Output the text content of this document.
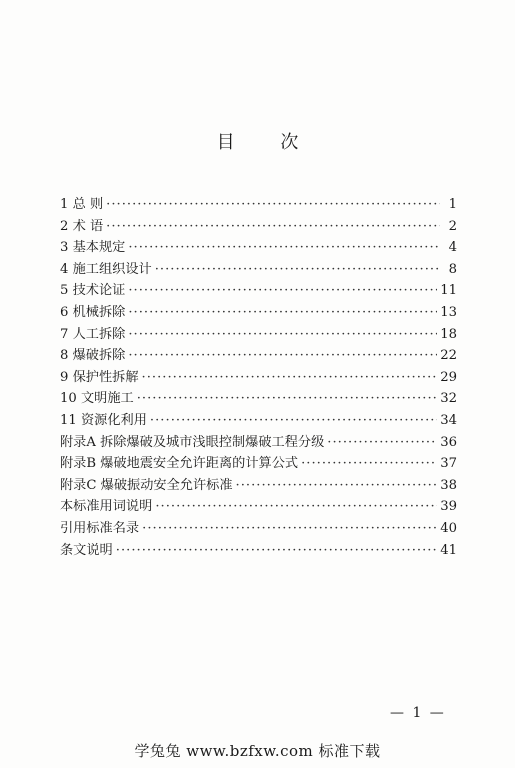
目 次
1 总 则 ·····	1
2 术 语 ·····	2
3 基本规定 ·····	4
4 施工组织设计 ·····	8
5 技术论证 ·····	11
6 机械拆除 ·····	13
7 人工拆除 ·····	18
8 爆破拆除 ·····	22
9 保护性拆解 ·····	29
10 文明施工 ·····	32
11 资源化利用 ·····	34
附录A 拆除爆破及城市浅眼控制爆破工程分级 ·····	36
附录B 爆破地震安全允许距离的计算公式 ·····	37
附录C 爆破振动安全允许标准 ·····	38
本标准用词说明 ·····	39
引用标准名录 ·····	40
条文说明 ·····	41
— 1 —
学兔兔 www.bzfxw.com 标准下载
